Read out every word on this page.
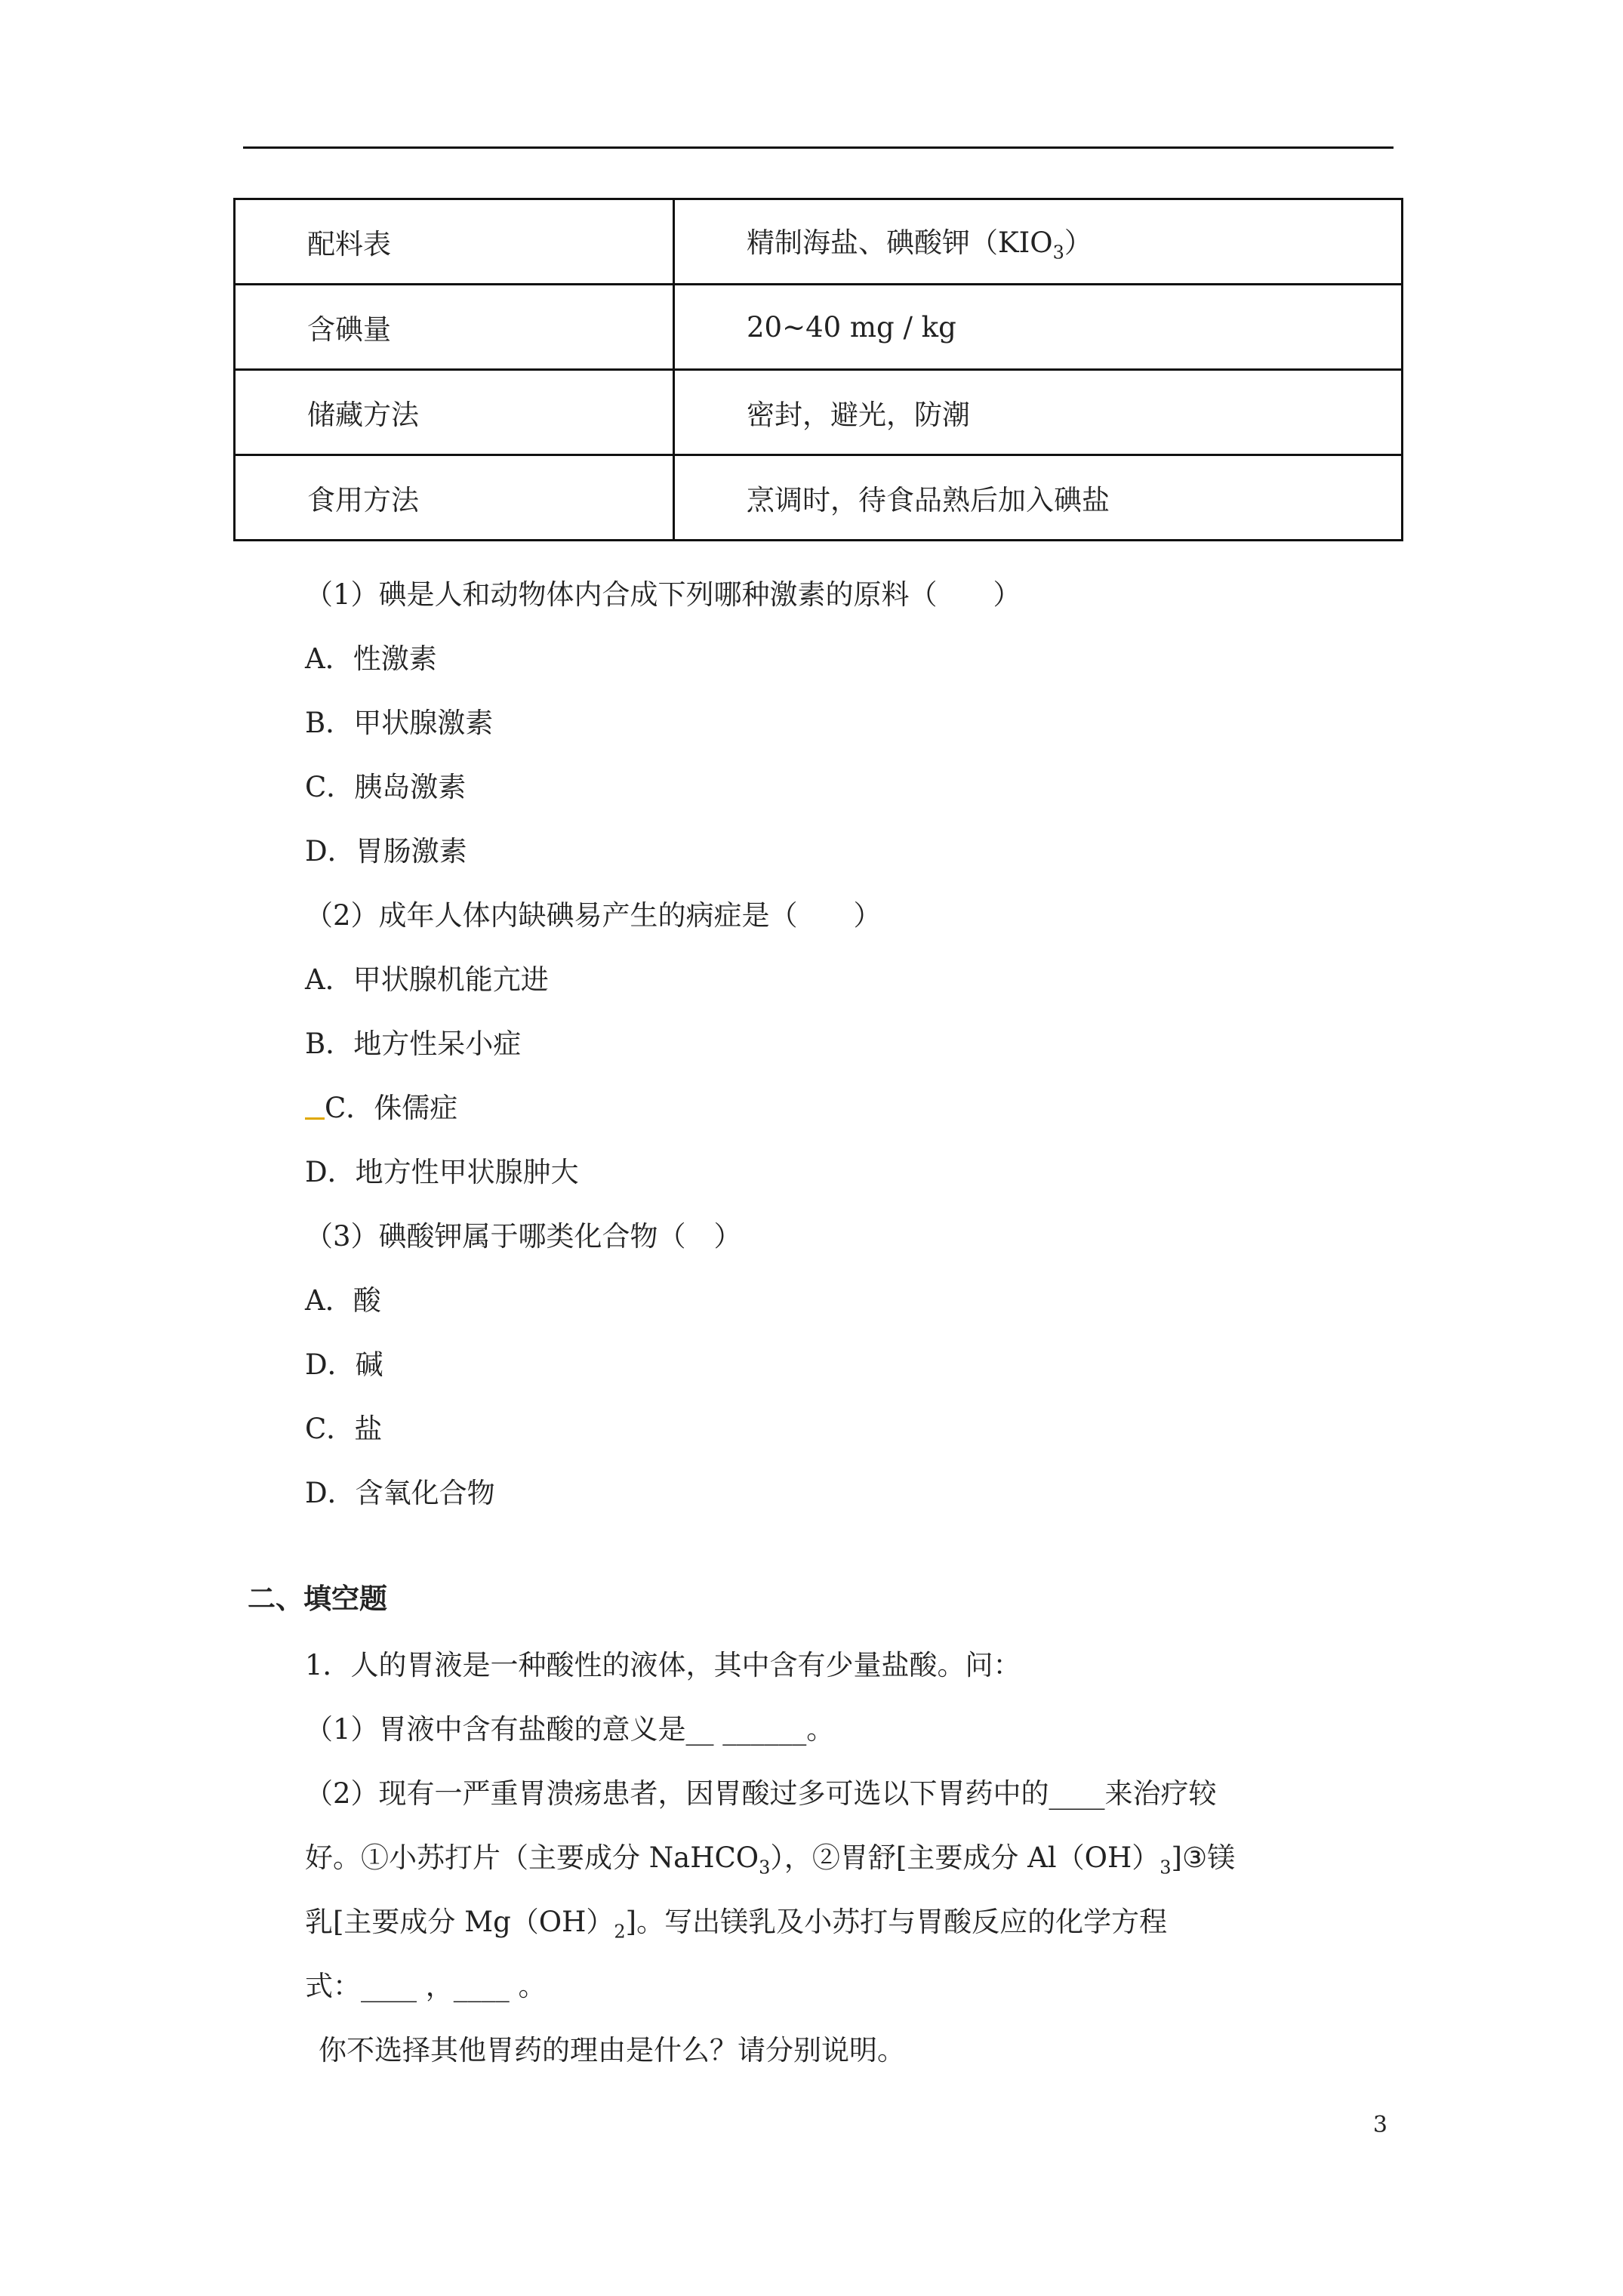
配料表	精制海盐、碘酸钾$(KIO_3)$
含碘量	20~40 mg / kg
储藏方法	密封，避光，防潮
食用方法	烹调时，待食品熟后加入碘盐

（1）碘是人和动物体内合成下列哪种激素的原料（　　）

A．性激素

B．甲状腺激素

C．胰岛激素

D．胃肠激素

（2）成年人体内缺碘易产生的病症是（　　）

A．甲状腺机能亢进

B．地方性呆小症

C．侏儒症

D．地方性甲状腺肿大

（3）碘酸钾属于哪类化合物（　）

A．酸

D．碱

C．盐

D．含氧化合物

二、填空题

1．人的胃液是一种酸性的液体，其中含有少量盐酸。问：

（1）胃液中含有盐酸的意义是__ ______。

（2）现有一严重胃溃疡患者，因胃酸过多可选以下胃药中的____来治疗较

好。①小苏打片（主要成分 NaHCO$_3$），②胃舒[主要成分 $Al(OH)_3]③$镁

乳[主要成分 $Mg(OH)_2$]。写出镁乳及小苏打与胃酸反应的化学方程

式：____ ，____ 。

你不选择其他胃药的理由是什么？请分别说明。

3
